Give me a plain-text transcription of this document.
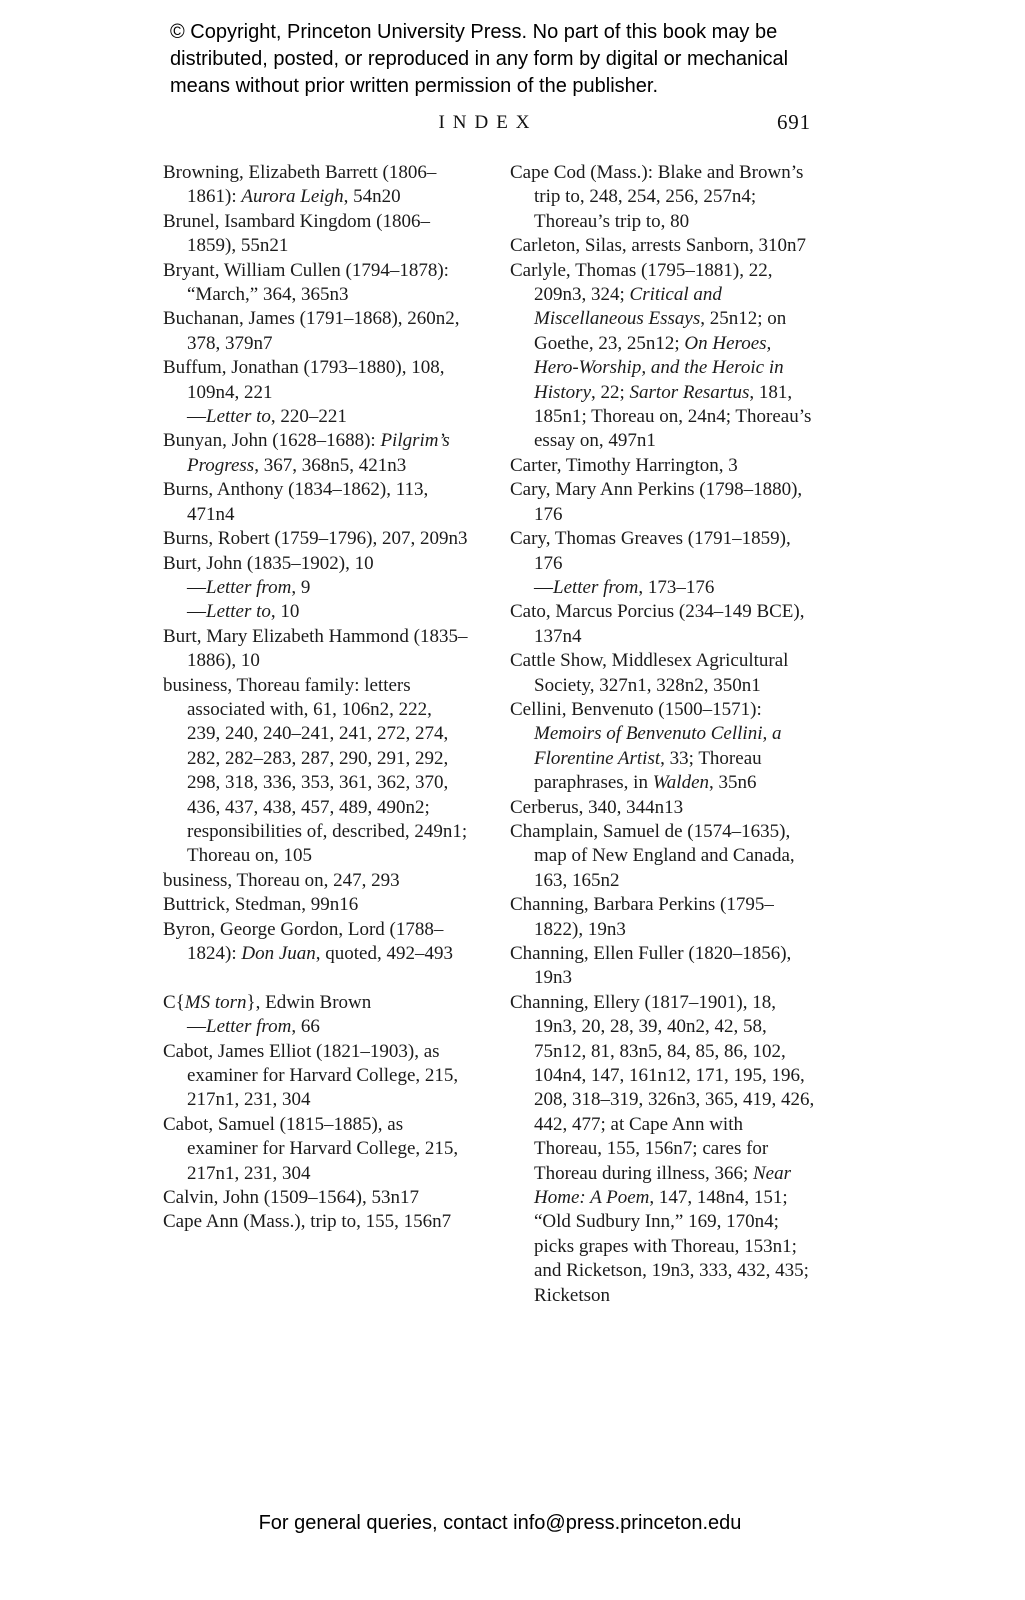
© Copyright, Princeton University Press. No part of this book may be
distributed, posted, or reproduced in any form by digital or mechanical
means without prior written permission of the publisher.
INDEX	691

Browning, Elizabeth Barrett (1806–1861): Aurora Leigh, 54n20

Brunel, Isambard Kingdom (1806–1859), 55n21

Bryant, William Cullen (1794–1878): “March,” 364, 365n3

Buchanan, James (1791–1868), 260n2, 378, 379n7

Buffum, Jonathan (1793–1880), 108, 109n4, 221

—Letter to, 220–221

Bunyan, John (1628–1688): Pilgrim’s Progress, 367, 368n5, 421n3

Burns, Anthony (1834–1862), 113, 471n4

Burns, Robert (1759–1796), 207, 209n3

Burt, John (1835–1902), 10

—Letter from, 9

—Letter to, 10

Burt, Mary Elizabeth Hammond (1835–1886), 10

business, Thoreau family: letters associated with, 61, 106n2, 222, 239, 240, 240–241, 241, 272, 274, 282, 282–283, 287, 290, 291, 292, 298, 318, 336, 353, 361, 362, 370, 436, 437, 438, 457, 489, 490n2; responsibilities of, described, 249n1; Thoreau on, 105

business, Thoreau on, 247, 293

Buttrick, Stedman, 99n16

Byron, George Gordon, Lord (1788–1824): Don Juan, quoted, 492–493

C{MS torn}, Edwin Brown

—Letter from, 66

Cabot, James Elliot (1821–1903), as examiner for Harvard College, 215, 217n1, 231, 304

Cabot, Samuel (1815–1885), as examiner for Harvard College, 215, 217n1, 231, 304

Calvin, John (1509–1564), 53n17

Cape Ann (Mass.), trip to, 155, 156n7

Cape Cod (Mass.): Blake and Brown’s trip to, 248, 254, 256, 257n4; Thoreau’s trip to, 80

Carleton, Silas, arrests Sanborn, 310n7

Carlyle, Thomas (1795–1881), 22, 209n3, 324; Critical and Miscellaneous Essays, 25n12; on Goethe, 23, 25n12; On Heroes, Hero-Worship, and the Heroic in History, 22; Sartor Resartus, 181, 185n1; Thoreau on, 24n4; Thoreau’s essay on, 497n1

Carter, Timothy Harrington, 3

Cary, Mary Ann Perkins (1798–1880), 176

Cary, Thomas Greaves (1791–1859), 176

—Letter from, 173–176

Cato, Marcus Porcius (234–149 BCE), 137n4

Cattle Show, Middlesex Agricultural Society, 327n1, 328n2, 350n1

Cellini, Benvenuto (1500–1571): Memoirs of Benvenuto Cellini, a Florentine Artist, 33; Thoreau paraphrases, in Walden, 35n6

Cerberus, 340, 344n13

Champlain, Samuel de (1574–1635), map of New England and Canada, 163, 165n2

Channing, Barbara Perkins (1795–1822), 19n3

Channing, Ellen Fuller (1820–1856), 19n3

Channing, Ellery (1817–1901), 18, 19n3, 20, 28, 39, 40n2, 42, 58, 75n12, 81, 83n5, 84, 85, 86, 102, 104n4, 147, 161n12, 171, 195, 196, 208, 318–319, 326n3, 365, 419, 426, 442, 477; at Cape Ann with Thoreau, 155, 156n7; cares for Thoreau during illness, 366; Near Home: A Poem, 147, 148n4, 151; “Old Sudbury Inn,” 169, 170n4; picks grapes with Thoreau, 153n1; and Ricketson, 19n3, 333, 432, 435; Ricketson

For general queries, contact info@press.princeton.edu
